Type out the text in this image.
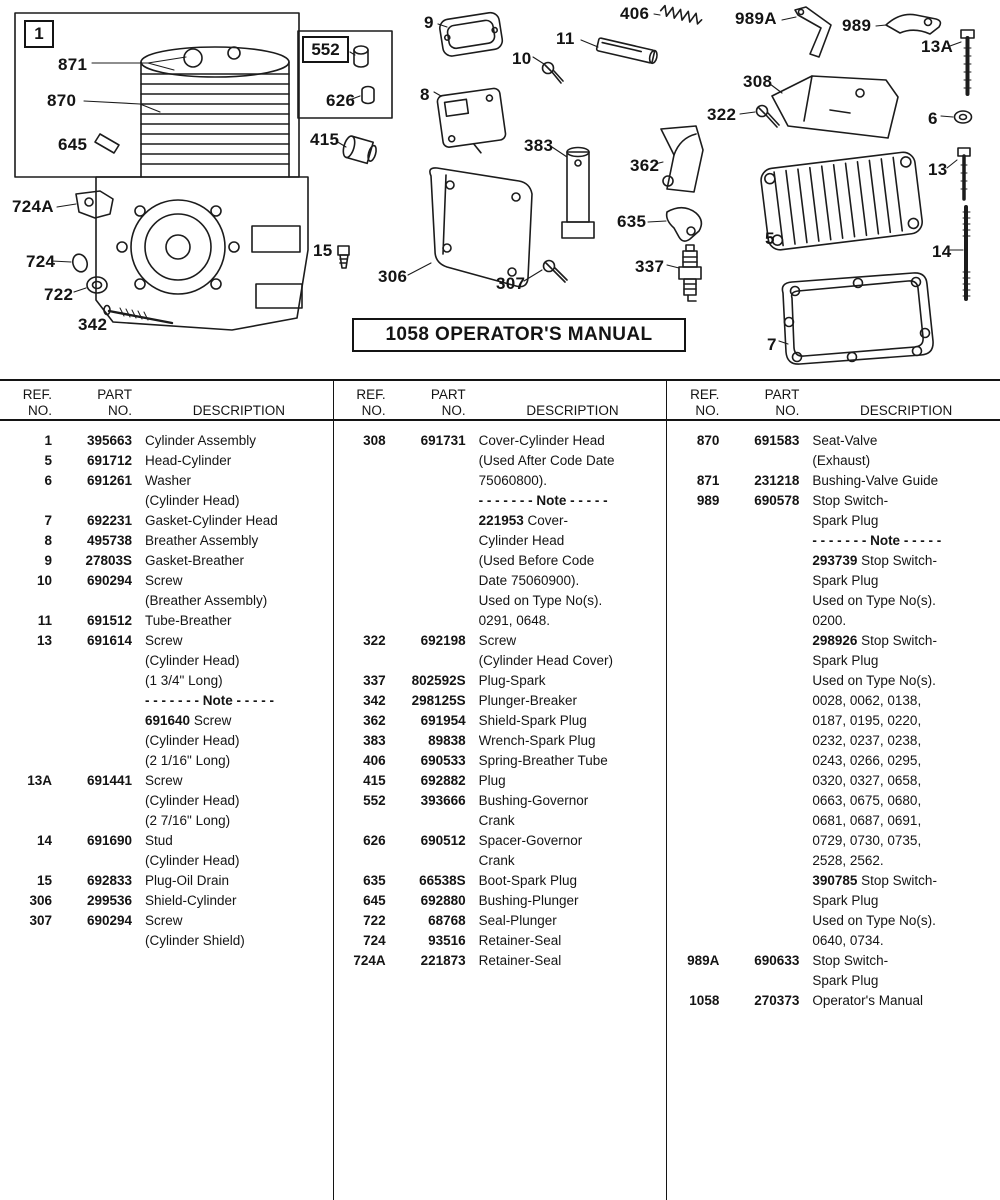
871
870
645
626
415
724A
724
722
342
15
306	307
9
10
11
8
383
362
635
337
406	989A	989
13A
308
322	6
13
5
14
7
1
552
1058 OPERATOR'S MANUAL
REF.	PART
NO.	NO.	DESCRIPTION
1	395663 Cylinder Assembly
5	691712 Head-Cylinder
6	691261 Washer
(Cylinder Head)
7	692231 Gasket-Cylinder Head
8	495738 Breather Assembly
9	27803S Gasket-Breather
10	690294 Screw
(Breather Assembly)
11	691512 Tube-Breather
13	691614 Screw
(Cylinder Head)
(1 3/4" Long)
- - - - - - - Note - - - - -
691640 Screw
(Cylinder Head)
(2 1/16" Long)
13A	691441 Screw
(Cylinder Head)
(2 7/16" Long)
14	691690 Stud
(Cylinder Head)
15	692833 Plug-Oil Drain
306	299536 Shield-Cylinder
307	690294 Screw
(Cylinder Shield)
REF.	PART
NO.	NO.	DESCRIPTION
308	691731 Cover-Cylinder Head
(Used After Code Date
75060800).
- - - - - - - Note - - - - -
221953 Cover-
Cylinder Head
(Used Before Code
Date 75060900).
Used on Type No(s).
0291, 0648.
322	692198 Screw
(Cylinder Head Cover)
337	802592S Plug-Spark
342	298125S Plunger-Breaker
362	691954 Shield-Spark Plug
383	89838 Wrench-Spark Plug
406	690533 Spring-Breather Tube
415	692882 Plug
552	393666 Bushing-Governor
Crank
626	690512 Spacer-Governor
Crank
635	66538S Boot-Spark Plug
645	692880 Bushing-Plunger
722	68768 Seal-Plunger
724	93516 Retainer-Seal
724A	221873 Retainer-Seal
REF.	PART
NO.	NO.	DESCRIPTION
870	691583 Seat-Valve
(Exhaust)
871	231218 Bushing-Valve Guide
989	690578 Stop Switch-
Spark Plug
- - - - - - - Note - - - - -
293739 Stop Switch-
Spark Plug
Used on Type No(s).
0200.
298926 Stop Switch-
Spark Plug
Used on Type No(s).
0028, 0062, 0138,
0187, 0195, 0220,
0232, 0237, 0238,
0243, 0266, 0295,
0320, 0327, 0658,
0663, 0675, 0680,
0681, 0687, 0691,
0729, 0730, 0735,
2528, 2562.
390785 Stop Switch-
Spark Plug
Used on Type No(s).
0640, 0734.
989A	690633 Stop Switch-
Spark Plug
1058	270373 Operator's Manual
